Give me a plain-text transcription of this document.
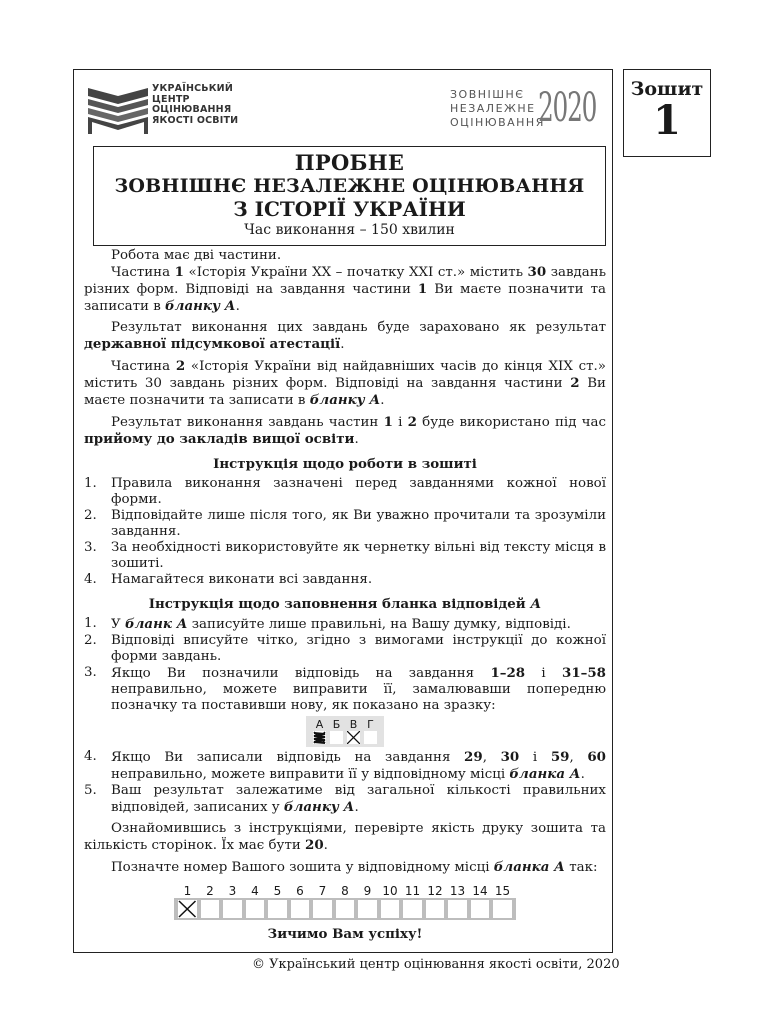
УКРАЇНСЬКИЙ
ЦЕНТР
ОЦІНЮВАННЯ
ЯКОСТІ ОСВІТИ
ЗОВНІШНЄ
НЕЗАЛЕЖНЕ
ОЦІНЮВАННЯ
2020	Зошит
1
ПРОБНЕ
ЗОВНІШНЄ НЕЗАЛЕЖНЕ ОЦІНЮВАННЯ
З ІСТОРІЇ УКРАЇНИ
Час виконання – 150 хвилин

Робота має дві частини.

Частина 1 «Історія України ХХ – початку XXI ст.» містить 30 завдань різних форм. Відповіді на завдання частини 1 Ви маєте позначити та записати в бланку А.

Результат виконання цих завдань буде зараховано як результат державної підсумкової атестації.

Частина 2 «Історія України від найдавніших часів до кінця ХІХ ст.» містить 30 завдань різних форм. Відповіді на завдання частини 2 Ви маєте позначити та записати в бланку А.

Результат виконання завдань частин 1 і 2 буде використано під час прийому до закладів вищої освіти.

Інструкція щодо роботи в зошиті

1. Правила виконання зазначені перед завданнями кожної нової форми.
2. Відповідайте лише після того, як Ви уважно прочитали та зрозуміли завдання.
3. За необхідності використовуйте як чернетку вільні від тексту місця в зошиті.
4. Намагайтеся виконати всі завдання.

Інструкція щодо заповнення бланка відповідей А

1. У бланк А записуйте лише правильні, на Вашу думку, відповіді.
2. Відповіді вписуйте чітко, згідно з вимогами інструкції до кожної форми завдань.
3. Якщо Ви позначили відповідь на завдання 1–28 і 31–58 неправильно, можете виправити її, замалювавши попередню позначку та поставивши нову, як показано на зразку:
А Б В Г
4. Якщо Ви записали відповідь на завдання 29, 30 і 59, 60 неправильно, можете виправити її у відповідному місці бланка А.
5. Ваш результат залежатиме від загальної кількості правильних відповідей, записаних у бланку А.

Ознайомившись з інструкціями, перевірте якість друку зошита та кількість сторінок. Їх має бути 20.

Позначте номер Вашого зошита у відповідному місці бланка А так:

1	2	3	4	5	6	7	8	9 10 11 12 13 14 15

Зичимо Вам успіху!

© Український центр оцінювання якості освіти, 2020
